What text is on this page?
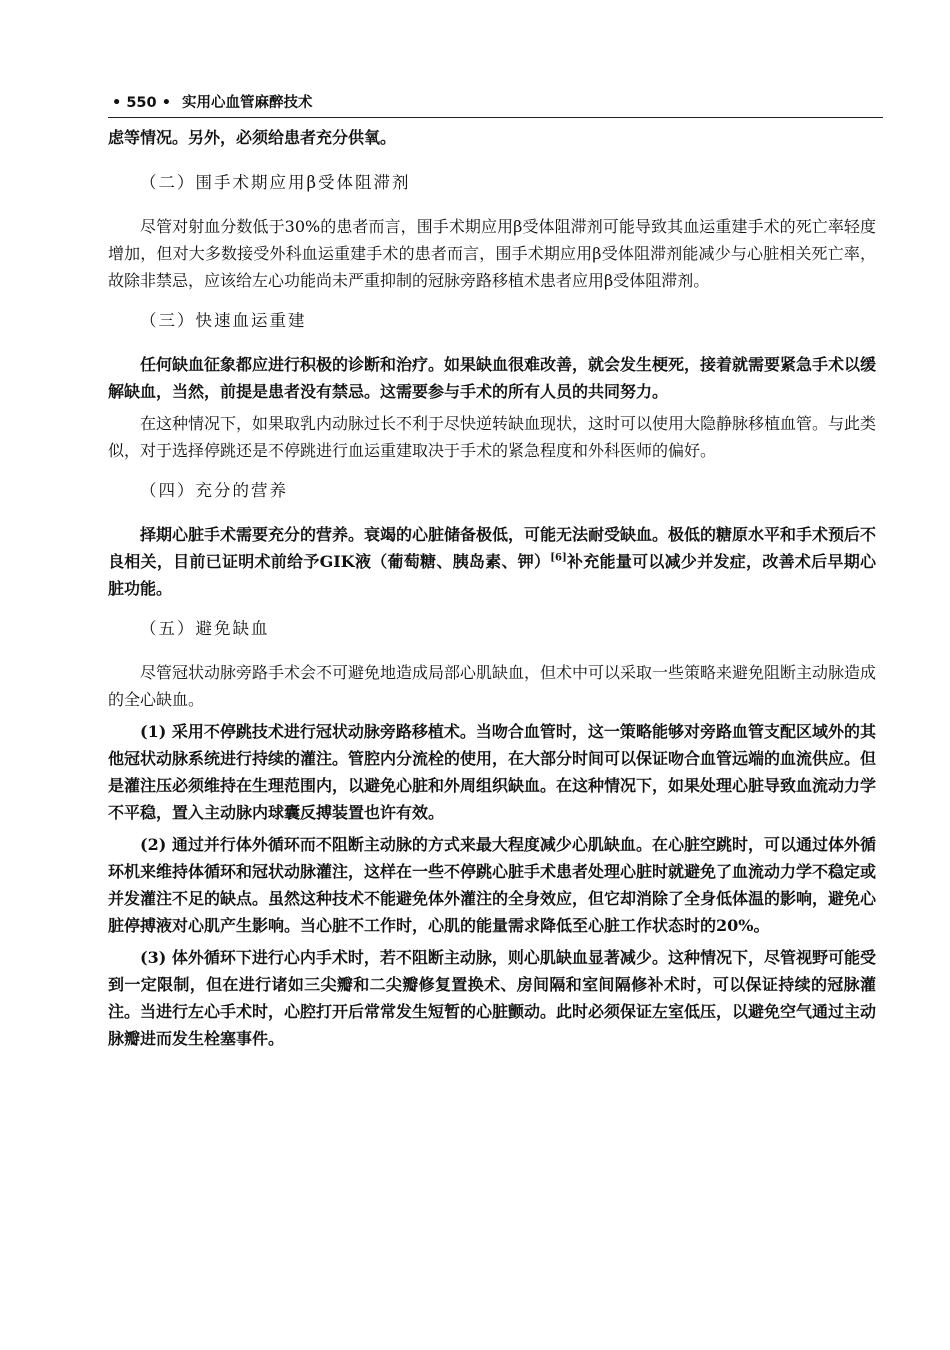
• 550 • 实用心血管麻醉技术

虑等情况。另外，必须给患者充分供氧。

（二）围手术期应用β受体阻滞剂

尽管对射血分数低于30%的患者而言，围手术期应用β受体阻滞剂可能导致其血运重建手术的死亡率轻度增加，但对大多数接受外科血运重建手术的患者而言，围手术期应用β受体阻滞剂能减少与心脏相关死亡率，故除非禁忌，应该给左心功能尚未严重抑制的冠脉旁路移植术患者应用β受体阻滞剂。

（三）快速血运重建

任何缺血征象都应进行积极的诊断和治疗。如果缺血很难改善，就会发生梗死，接着就需要紧急手术以缓解缺血，当然，前提是患者没有禁忌。这需要参与手术的所有人员的共同努力。

在这种情况下，如果取乳内动脉过长不利于尽快逆转缺血现状，这时可以使用大隐静脉移植血管。与此类似，对于选择停跳还是不停跳进行血运重建取决于手术的紧急程度和外科医师的偏好。

（四）充分的营养

择期心脏手术需要充分的营养。衰竭的心脏储备极低，可能无法耐受缺血。极低的糖原水平和手术预后不良相关，目前已证明术前给予GIK液（葡萄糖、胰岛素、钾）[6]补充能量可以减少并发症，改善术后早期心脏功能。

（五）避免缺血

尽管冠状动脉旁路手术会不可避免地造成局部心肌缺血，但术中可以采取一些策略来避免阻断主动脉造成的全心缺血。

(1) 采用不停跳技术进行冠状动脉旁路移植术。当吻合血管时，这一策略能够对旁路血管支配区域外的其他冠状动脉系统进行持续的灌注。管腔内分流栓的使用，在大部分时间可以保证吻合血管远端的血流供应。但是灌注压必须维持在生理范围内，以避免心脏和外周组织缺血。在这种情况下，如果处理心脏导致血流动力学不平稳，置入主动脉内球囊反搏装置也许有效。

(2) 通过并行体外循环而不阻断主动脉的方式来最大程度减少心肌缺血。在心脏空跳时，可以通过体外循环机来维持体循环和冠状动脉灌注，这样在一些不停跳心脏手术患者处理心脏时就避免了血流动力学不稳定或并发灌注不足的缺点。虽然这种技术不能避免体外灌注的全身效应，但它却消除了全身低体温的影响，避免心脏停搏液对心肌产生影响。当心脏不工作时，心肌的能量需求降低至心脏工作状态时的20%。

(3) 体外循环下进行心内手术时，若不阻断主动脉，则心肌缺血显著减少。这种情况下，尽管视野可能受到一定限制，但在进行诸如三尖瓣和二尖瓣修复置换术、房间隔和室间隔修补术时，可以保证持续的冠脉灌注。当进行左心手术时，心腔打开后常常发生短暂的心脏颤动。此时必须保证左室低压，以避免空气通过主动脉瓣进而发生栓塞事件。
